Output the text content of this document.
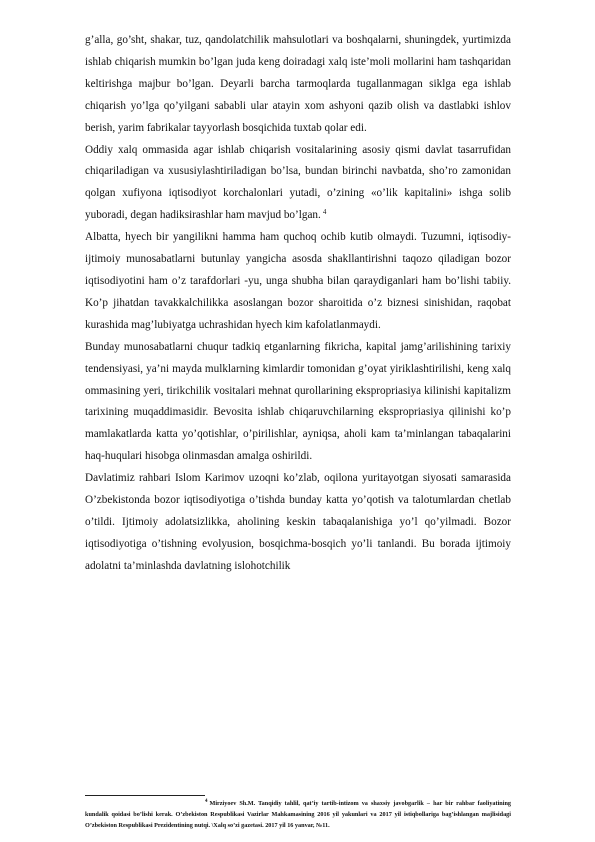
g’alla, go’sht, shakar, tuz, qandolatchilik mahsulotlari va boshqalarni, shuningdek, yurtimizda ishlab chiqarish mumkin bo’lgan juda keng doiradagi xalq iste’moli mollarini ham tashqaridan keltirishga majbur bo’lgan. Deyarli barcha tarmoqlarda tugallanmagan siklga ega ishlab chiqarish yo’lga qo’yilgani sababli ular atayin xom ashyoni qazib olish va dastlabki ishlov berish, yarim fabrikalar tayyorlash bosqichida tuxtab qolar edi.

Oddiy xalq ommasida agar ishlab chiqarish vositalarining asosiy qismi davlat tasarrufidan chiqariladigan va xususiylashtiriladigan bo’lsa, bundan birinchi navbatda, sho’ro zamonidan qolgan xufiyona iqtisodiyot korchalonlari yutadi, o’zining «o’lik kapitalini» ishga solib yuboradi, degan hadiksirashlar ham mavjud bo’lgan. $^4$

Albatta, hyech bir yangilikni hamma ham quchoq ochib kutib olmaydi. Tuzumni, iqtisodiy-ijtimoiy munosabatlarni butunlay yangicha asosda shakllantirishni taqozo qiladigan bozor iqtisodiyotini ham o’z tarafdorlari -yu, unga shubha bilan qaraydiganlari ham bo’lishi tabiiy. Ko’p jihatdan tavakkalchilikka asoslangan bozor sharoitida o’z biznesi sinishidan, raqobat kurashida mag’lubiyatga uchrashidan hyech kim kafolatlanmaydi.

Bunday munosabatlarni chuqur tadkiq etganlarning fikricha, kapital jamg’arilishining tarixiy tendensiyasi, ya’ni mayda mulklarning kimlardir tomonidan g’oyat yiriklashtirilishi, keng xalq ommasining yeri, tirikchilik vositalari mehnat qurollarining ekspropriasiya kilinishi kapitalizm tarixining muqaddimasidir. Bevosita ishlab chiqaruvchilarning ekspropriasiya qilinishi ko’p mamlakatlarda katta yo’qotishlar, o’pirilishlar, ayniqsa, aholi kam ta’minlangan tabaqalarini haq-huqulari hisobga olinmasdan amalga oshirildi.

Davlatimiz rahbari Islom Karimov uzoqni ko’zlab, oqilona yuritayotgan siyosati samarasida O’zbekistonda bozor iqtisodiyotiga o’tishda bunday katta yo’qotish va talotumlardan chetlab o’tildi. Ijtimoiy adolatsizlikka, aholining keskin tabaqalanishiga yo’l qo’yilmadi. Bozor iqtisodiyotiga o’tishning evolyusion, bosqichma-bosqich yo’li tanlandi. Bu borada ijtimoiy adolatni ta’minlashda davlatning islohotchilik

$^4$ Mirziyoev Sh.M. Tanqidiy tahlil, qat’iy tartib-intizom va shaxsiy javobgarlik – har bir rahbar faoliyatining kundalik qoidasi bo’lishi kerak. O’zbekiston Respublikasi Vazirlar Mahkamasining 2016 yil yakunlari va 2017 yil istiqbollariga bag’ishlangan majlisidagi O’zbekiston Respublikasi Prezidentining nutqi. \Xalq so’zi gazetasi. 2017 yil 16 yanvar, №11.
